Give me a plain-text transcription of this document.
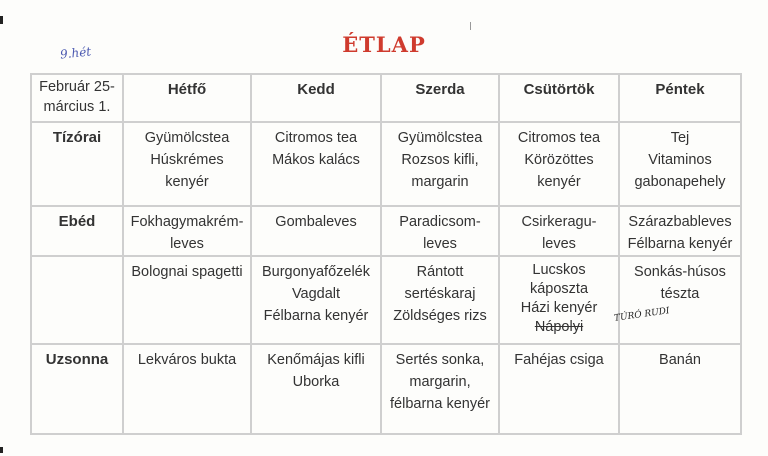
ÉTLAP
9.hét
Február 25-
március 1.	Hétfő	Kedd	Szerda	Csütörtök	Péntek
Tízórai	Gyümölcstea
Húskrémes
kenyér	Citromos tea
Mákos kalács	Gyümölcstea
Rozsos kifli,
margarin	Citromos tea
Körözöttes
kenyér	Tej
Vitaminos
gabonapehely

Ebéd	Fokhagymakrém-
leves	Gombaleves	Paradicsom-
leves	Csirkeragu-
leves	Szárazbableves
Félbarna kenyér

	Bolognai spagetti	Burgonyafőzelék
Vagdalt
Félbarna kenyér	Rántott
sertéskaraj
Zöldséges rizs	Lucskos
káposzta
Házi kenyér
Nápolyi
TÚRÓ RUDI	Sonkás-húsos
tészta

Uzsonna	Lekváros bukta	Kenőmájas kifli
Uborka	Sertés sonka,
margarin,
félbarna kenyér	Fahéjas csiga	Banán
